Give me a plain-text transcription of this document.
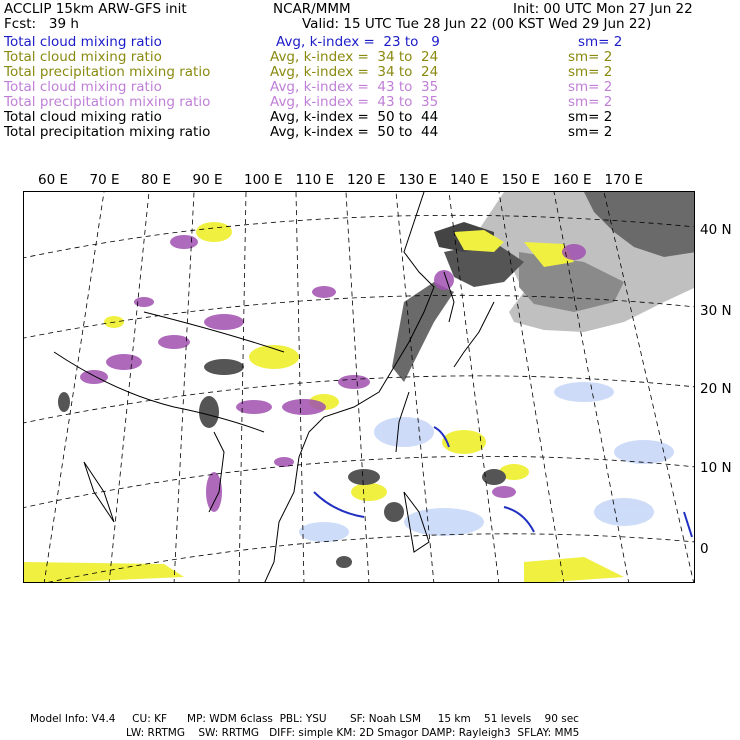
ACCLIP 15km ARW-GFS init	NCAR/MMM	Init: 00 UTC Mon 27 Jun 22
Fcst:   39 h	Valid: 15 UTC Tue 28 Jun 22 (00 KST Wed 29 Jun 22)
Total cloud mixing ratio	Avg, k-index =  23 to   9	sm= 2
Total cloud mixing ratio	Avg, k-index =  34 to  24	sm= 2
Total precipitation mixing ratio	Avg, k-index =  34 to  24	sm= 2
Total cloud mixing ratio	Avg, k-index =  43 to  35	sm= 2
Total precipitation mixing ratio	Avg, k-index =  43 to  35	sm= 2
Total cloud mixing ratio	Avg, k-index =  50 to  44	sm= 2
Total precipitation mixing ratio	Avg, k-index =  50 to  44	sm= 2
60 E 70 E 80 E 90 E 100 E 110 E 120 E 130 E 140 E 150 E 160 E 170 E
40 N
30 N
20 N
10 N
0
Model Info: V4.4     CU: KF      MP: WDM 6class  PBL: YSU       SF: Noah LSM     15 km    51 levels    90 sec
LW: RRTMG    SW: RRTMG   DIFF: simple KM: 2D Smagor DAMP: Rayleigh3  SFLAY: MM5
